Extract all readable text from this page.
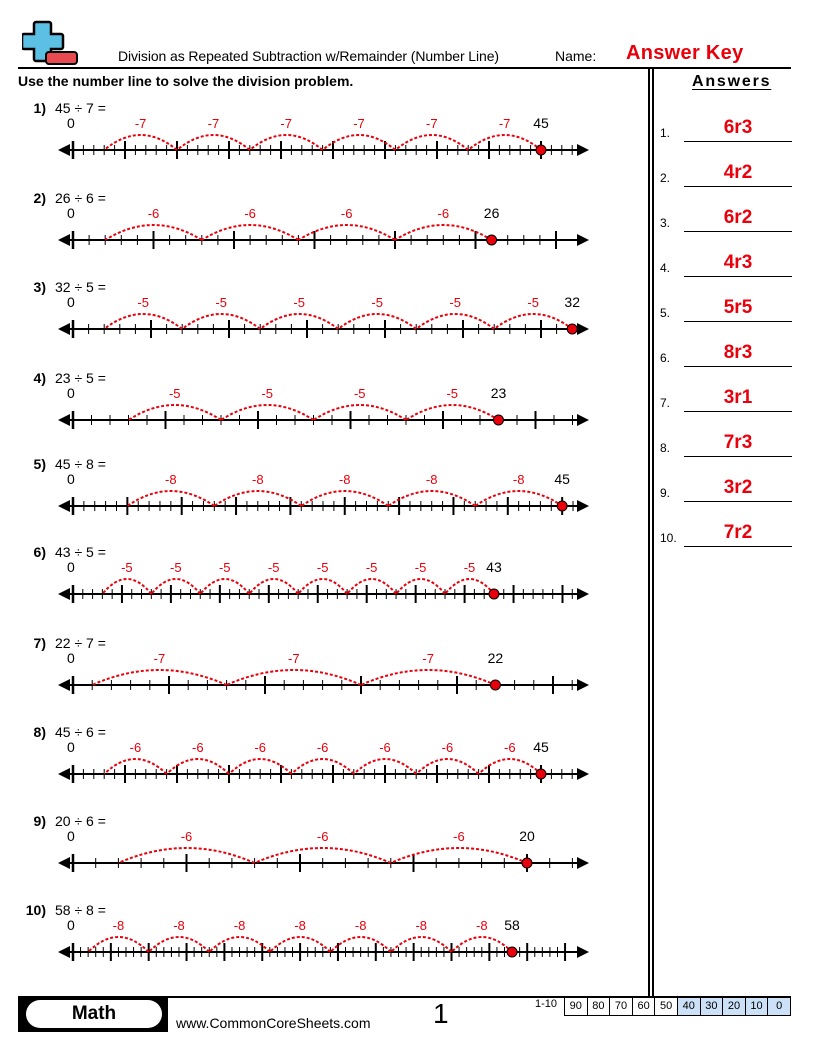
Division as Repeated Subtraction w/Remainder (Number Line)	Name: Answer Key
Use the number line to solve the division problem.
1) 45 ÷ 7 =
0	-7
-7
-7
-7
-7
-7	45
2) 26 ÷ 6 =
0	-6
-6
-6
-6	26
3) 32 ÷ 5 =
0	-5
-5
-5
-5
-5
-5	32
4) 23 ÷ 5 =
0	-5
-5
-5
-5	23
5) 45 ÷ 8 =
0	-8
-8
-8
-8
-8	45
6) 43 ÷ 5 =
0	-5
-5
-5
-5
-5
-5
-5
-5	43
7) 22 ÷ 7 =
0	-7
-7
-7	22
8) 45 ÷ 6 =
0	-6
-6
-6
-6
-6
-6
-6	45
9) 20 ÷ 6 =
0	-6
-6
-6	20
10) 58 ÷ 8 =
0	-8
-8
-8
-8
-8
-8
-8	58
Answers
1.	6r3
2.	4r2
3.	6r2
4.	4r3
5.	5r5
6.	8r3
7.	3r1
8.	7r3
9.	3r2
10.	7r2
Math	www.CommonCoreSheets.com 1	1-10	90 80 70 60 50 40 30 20 10	0
